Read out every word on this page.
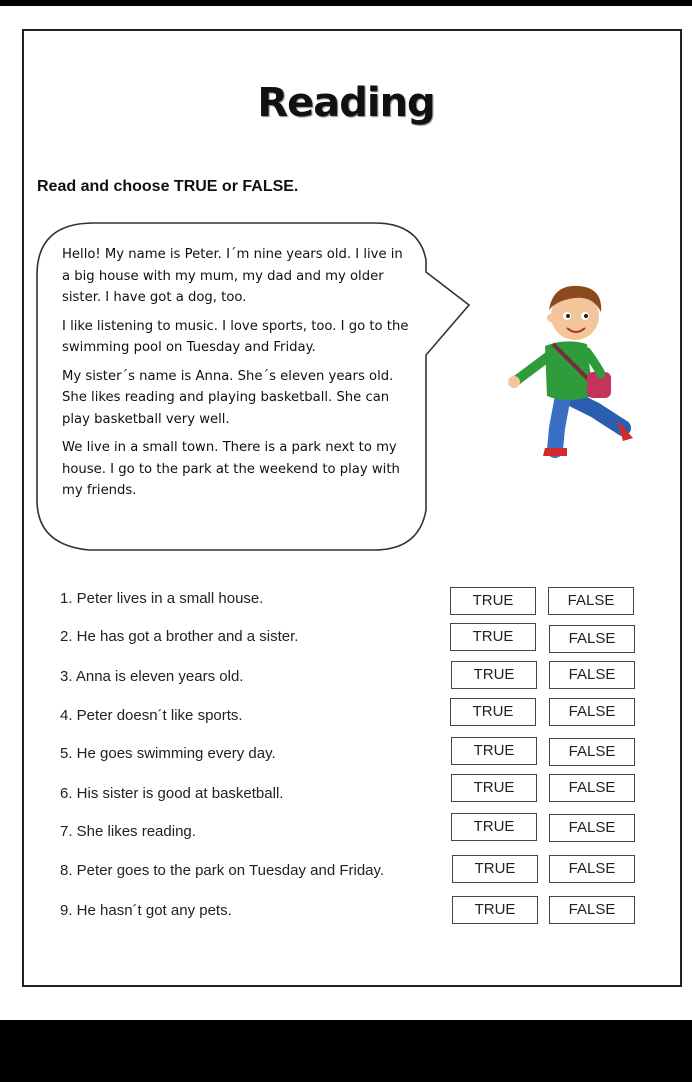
Reading
Read and choose TRUE or FALSE.

Hello! My name is Peter. I´m nine years old. I live in a big house with my mum, my dad and my older sister. I have got a dog, too.

I like listening to music. I love sports, too. I go to the swimming pool on Tuesday and Friday.

My sister´s name is Anna. She´s eleven years old. She likes reading and playing basketball. She can play basketball very well.

We live in a small town. There is a park next to my house. I go to the park at the weekend to play with my friends.

1. Peter lives in a small house.	TRUE	FALSE
2. He has got a brother and a sister.	TRUE	FALSE
3. Anna is eleven years old.	TRUE	FALSE
4. Peter doesn´t like sports.	TRUE	FALSE
5. He goes swimming every day.	TRUE	FALSE
6. His sister is good at basketball.	TRUE	FALSE
7. She likes reading.	TRUE	FALSE
8. Peter goes to the park on Tuesday and Friday.	TRUE	FALSE
9. He hasn´t got any pets.	TRUE	FALSE
